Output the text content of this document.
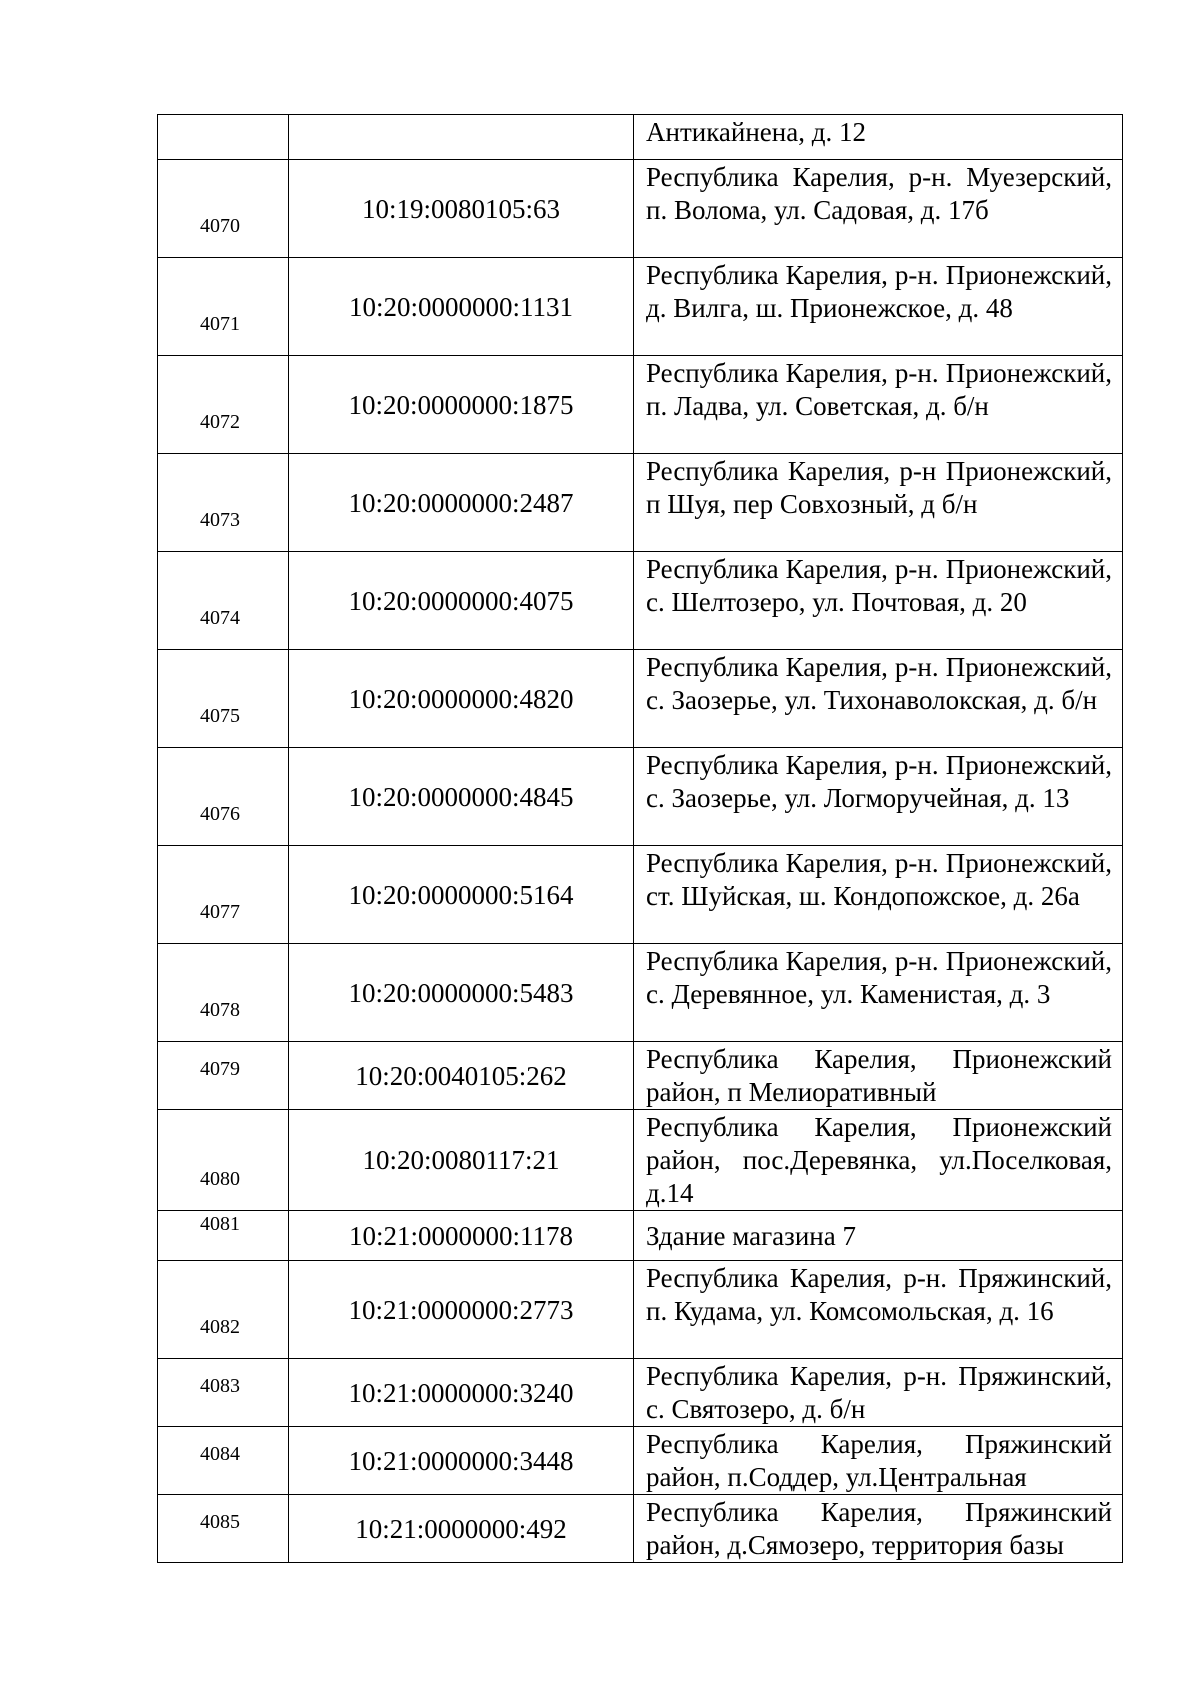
		Антикайнена, д. 12

4070	10:19:0080105:63	Республика Карелия, р-н. Муезерский, п. Волома, ул. Садовая, д. 17б

4071	10:20:0000000:1131	Республика Карелия, р-н. Прионежский, д. Вилга, ш. Прионежское, д. 48

4072	10:20:0000000:1875	Республика Карелия, р-н. Прионежский, п. Ладва, ул. Советская, д. б/н

4073	10:20:0000000:2487	Республика Карелия, р-н Прионежский, п Шуя, пер Совхозный, д б/н

4074	10:20:0000000:4075	Республика Карелия, р-н. Прионежский, с. Шелтозеро, ул. Почтовая, д. 20

4075	10:20:0000000:4820	Республика Карелия, р-н. Прионежский, с. Заозерье, ул. Тихонаволокская, д. б/н

4076	10:20:0000000:4845	Республика Карелия, р-н. Прионежский, с. Заозерье, ул. Логморучейная, д. 13

4077	10:20:0000000:5164	Республика Карелия, р-н. Прионежский, ст. Шуйская, ш. Кондопожское, д. 26а

4078	10:20:0000000:5483	Республика Карелия, р-н. Прионежский, с. Деревянное, ул. Каменистая, д. 3

4079	10:20:0040105:262	Республика Карелия, Прионежский район, п Мелиоративный

4080	10:20:0080117:21	Республика Карелия, Прионежский район, пос.Деревянка, ул.Поселковая, д.14

4081	10:21:0000000:1178	Здание магазина 7

4082	10:21:0000000:2773	Республика Карелия, р-н. Пряжинский, п. Кудама, ул. Комсомольская, д. 16

4083	10:21:0000000:3240	Республика Карелия, р-н. Пряжинский, с. Святозеро, д. б/н

4084	10:21:0000000:3448	Республика Карелия, Пряжинский район, п.Соддер, ул.Центральная

4085	10:21:0000000:492	Республика Карелия, Пряжинский район, д.Сямозеро, территория базы
